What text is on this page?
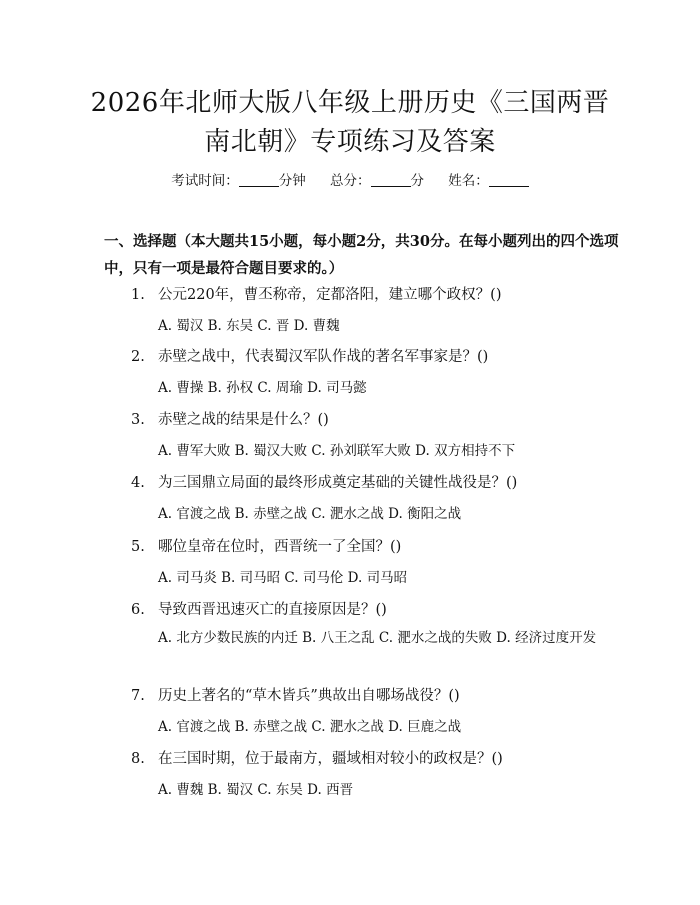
2026年北师大版八年级上册历史《三国两晋
南北朝》专项练习及答案
考试时间：	分钟 总分：	分 姓名：
一、选择题（本大题共15小题，每小题2分，共30分。在每小题列出的四个选项中，只有一项是最符合题目要求的。）
1. 公元220年，曹丕称帝，定都洛阳，建立哪个政权？()
A. 蜀汉 B. 东吴 C. 晋 D. 曹魏
2. 赤壁之战中，代表蜀汉军队作战的著名军事家是？()
A. 曹操 B. 孙权 C. 周瑜 D. 司马懿
3. 赤壁之战的结果是什么？()
A. 曹军大败 B. 蜀汉大败 C. 孙刘联军大败 D. 双方相持不下
4. 为三国鼎立局面的最终形成奠定基础的关键性战役是？()
A. 官渡之战 B. 赤壁之战 C. 淝水之战 D. 衡阳之战
5. 哪位皇帝在位时，西晋统一了全国？()
A. 司马炎 B. 司马昭 C. 司马伦 D. 司马昭
6. 导致西晋迅速灭亡的直接原因是？()
A. 北方少数民族的内迁 B. 八王之乱 C. 淝水之战的失败 D. 经济过度开发
7. 历史上著名的“草木皆兵”典故出自哪场战役？()
A. 官渡之战 B. 赤壁之战 C. 淝水之战 D. 巨鹿之战
8. 在三国时期，位于最南方，疆域相对较小的政权是？()
A. 曹魏 B. 蜀汉 C. 东吴 D. 西晋
